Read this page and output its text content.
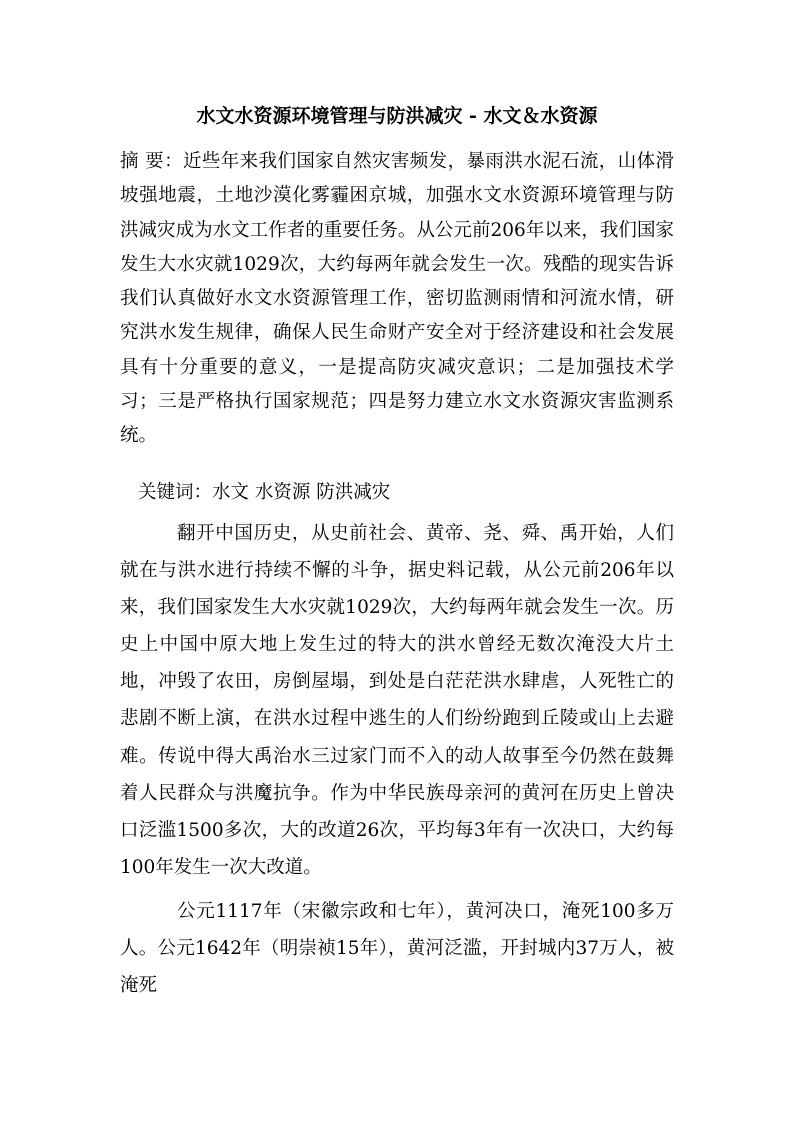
水文水资源环境管理与防洪减灾 - 水文＆水资源
摘 要：近些年来我们国家自然灾害频发，暴雨洪水泥石流，山体滑坡强地震，土地沙漠化雾霾困京城，加强水文水资源环境管理与防洪减灾成为水文工作者的重要任务。从公元前206年以来，我们国家发生大水灾就1029次，大约每两年就会发生一次。残酷的现实告诉我们认真做好水文水资源管理工作，密切监测雨情和河流水情，研究洪水发生规律，确保人民生命财产安全对于经济建设和社会发展具有十分重要的意义，一是提高防灾减灾意识；二是加强技术学习；三是严格执行国家规范；四是努力建立水文水资源灾害监测系统。
关键词：水文 水资源 防洪减灾

翻开中国历史，从史前社会、黄帝、尧、舜、禹开始，人们就在与洪水进行持续不懈的斗争，据史料记载，从公元前206年以来，我们国家发生大水灾就1029次，大约每两年就会发生一次。历史上中国中原大地上发生过的特大的洪水曾经无数次淹没大片土地，冲毁了农田，房倒屋塌，到处是白茫茫洪水肆虐，人死牲亡的悲剧不断上演，在洪水过程中逃生的人们纷纷跑到丘陵或山上去避难。传说中得大禹治水三过家门而不入的动人故事至今仍然在鼓舞着人民群众与洪魔抗争。作为中华民族母亲河的黄河在历史上曾决口泛滥1500多次，大的改道26次，平均每3年有一次决口，大约每100年发生一次大改道。

公元1117年（宋徽宗政和七年），黄河决口，淹死100多万人。公元1642年（明崇祯15年），黄河泛滥，开封城内37万人，被淹死
